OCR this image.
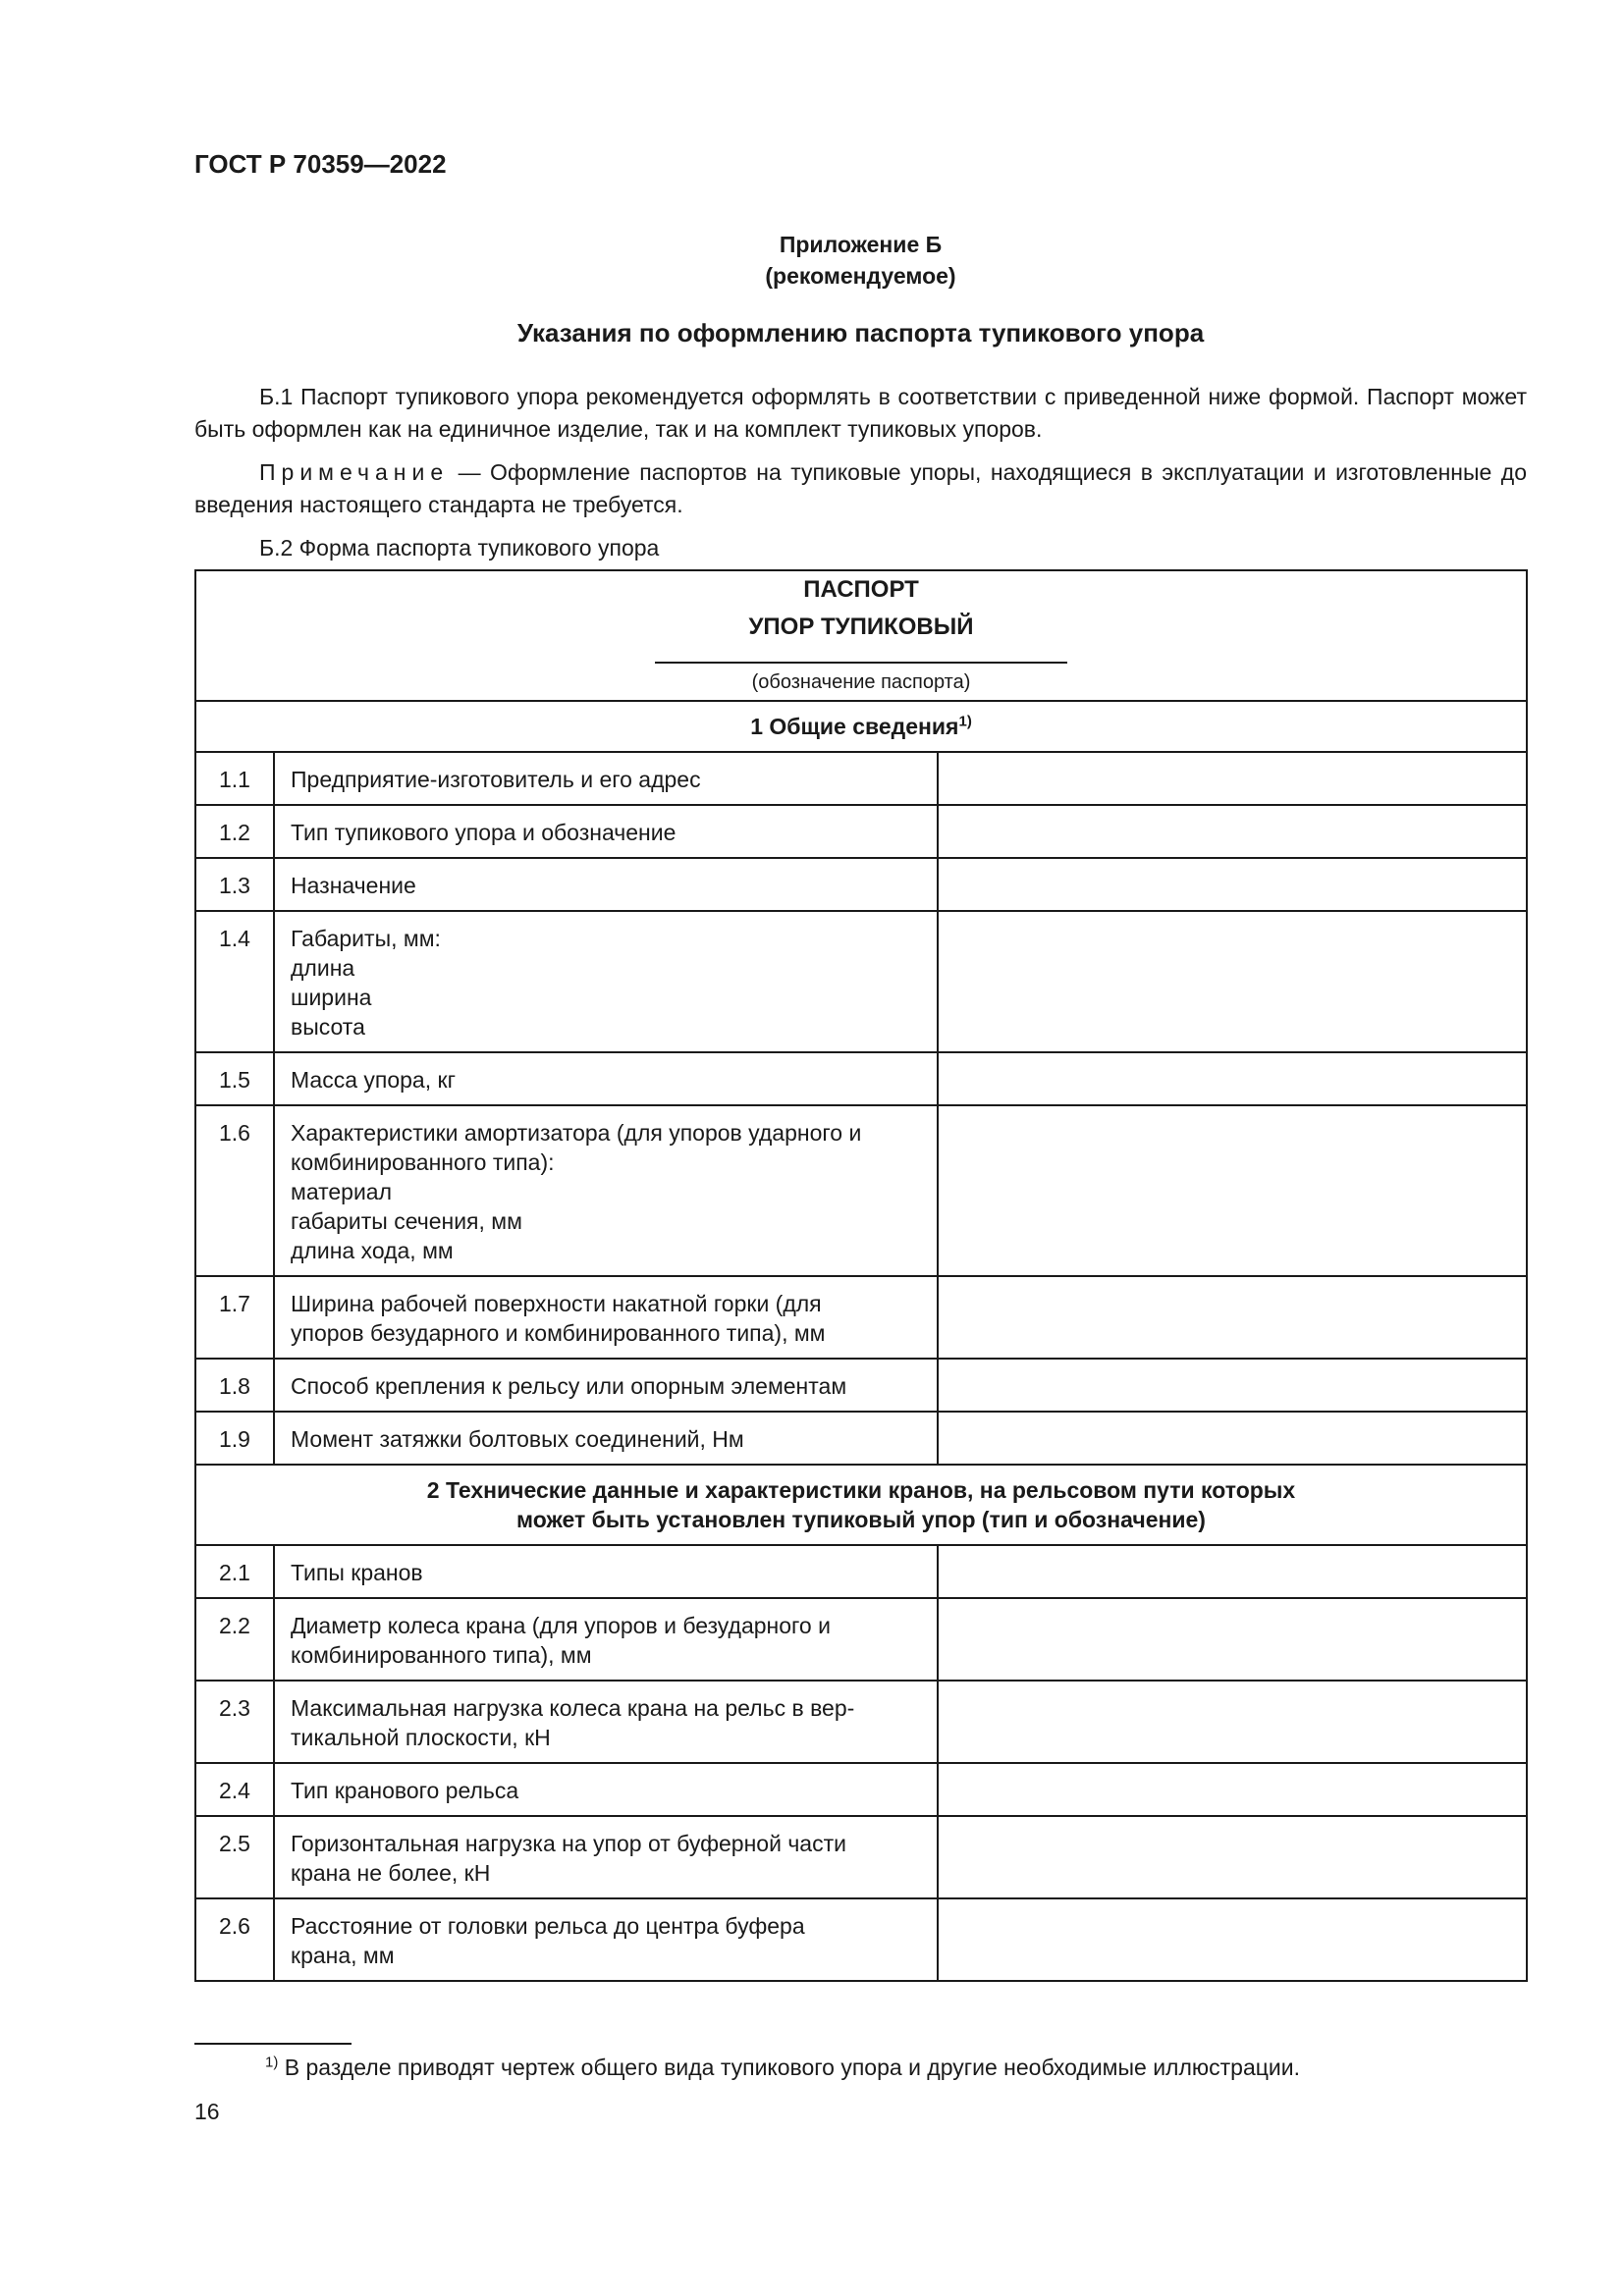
ГОСТ Р 70359—2022
Приложение Б
(рекомендуемое)
Указания по оформлению паспорта тупикового упора
Б.1 Паспорт тупикового упора рекомендуется оформлять в соответствии с приведенной ниже формой. Паспорт может быть оформлен как на единичное изделие, так и на комплект тупиковых упоров.
Примечание — Оформление паспортов на тупиковые упоры, находящиеся в эксплуатации и изготовленные до введения настоящего стандарта не требуется.
Б.2 Форма паспорта тупикового упора
ПАСПОРТ
УПОР ТУПИКОВЫЙ
(обозначение паспорта)		

1 Общие сведения$^{1)}$
1.1	Предприятие-изготовитель и его адрес	

1.2	Тип тупикового упора и обозначение	

1.3	Назначение	

1.4	Габариты, мм:
длина
ширина
высота	

1.5	Масса упора, кг	

1.6	Характеристики амортизатора (для упоров ударного и
комбинированного типа):
материал
габариты сечения, мм
длина хода, мм	

1.7	Ширина рабочей поверхности накатной горки (для
упоров безударного и комбинированного типа), мм	

1.8	Способ крепления к рельсу или опорным элементам	

1.9	Момент затяжки болтовых соединений, Нм	

2 Технические данные и характеристики кранов, на рельсовом пути которых
может быть установлен тупиковый упор (тип и обозначение)		

2.1	Типы кранов	

2.2	Диаметр колеса крана (для упоров и безударного и
комбинированного типа), мм	

2.3	Максимальная нагрузка колеса крана на рельс в вер-
тикальной плоскости, кН	

2.4	Тип кранового рельса	

2.5	Горизонтальная нагрузка на упор от буферной части
крана не более, кН	

2.6	Расстояние от головки рельса до центра буфера
крана, мм	

$^{1)}$ В разделе приводят чертеж общего вида тупикового упора и другие необходимые иллюстрации.
16
